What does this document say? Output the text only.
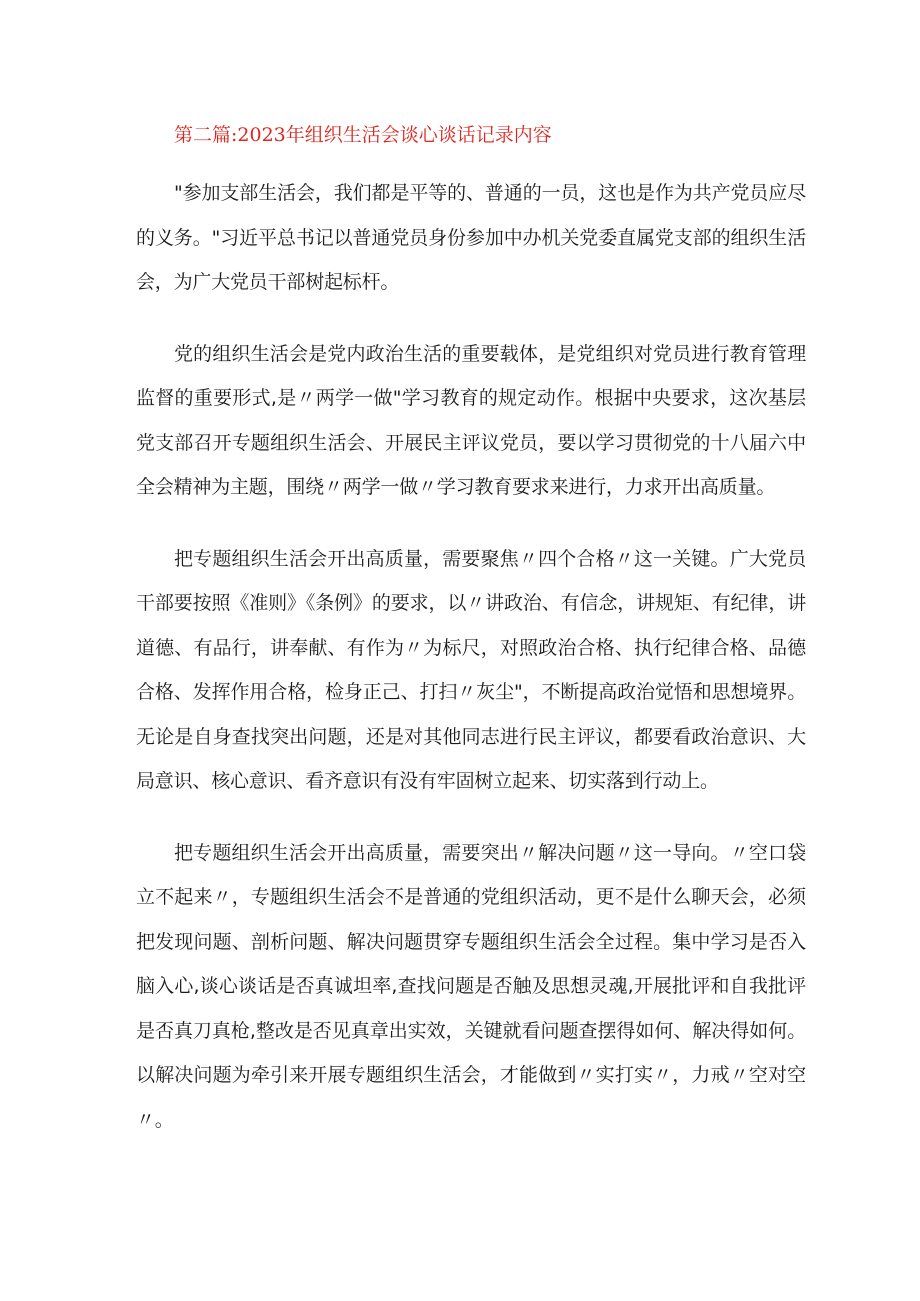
第二篇:2023年组织生活会谈心谈话记录内容

"参加支部生活会，我们都是平等的、普通的一员，这也是作为共产党员应尽的义务。"习近平总书记以普通党员身份参加中办机关党委直属党支部的组织生活会，为广大党员干部树起标杆。

党的组织生活会是党内政治生活的重要载体，是党组织对党员进行教育管理监督的重要形式,是〃两学一做"学习教育的规定动作。根据中央要求，这次基层党支部召开专题组织生活会、开展民主评议党员，要以学习贯彻党的十八届六中全会精神为主题，围绕〃两学一做〃学习教育要求来进行，力求开出高质量。

把专题组织生活会开出高质量，需要聚焦〃四个合格〃这一关键。广大党员干部要按照《准则》《条例》的要求，以〃讲政治、有信念，讲规矩、有纪律，讲道德、有品行，讲奉献、有作为〃为标尺，对照政治合格、执行纪律合格、品德合格、发挥作用合格，检身正己、打扫〃灰尘"，不断提高政治觉悟和思想境界。无论是自身查找突出问题，还是对其他同志进行民主评议，都要看政治意识、大局意识、核心意识、看齐意识有没有牢固树立起来、切实落到行动上。

把专题组织生活会开出高质量，需要突出〃解决问题〃这一导向。〃空口袋立不起来〃，专题组织生活会不是普通的党组织活动，更不是什么聊天会，必须把发现问题、剖析问题、解决问题贯穿专题组织生活会全过程。集中学习是否入脑入心,谈心谈话是否真诚坦率,查找问题是否触及思想灵魂,开展批评和自我批评是否真刀真枪,整改是否见真章出实效，关键就看问题查摆得如何、解决得如何。以解决问题为牵引来开展专题组织生活会，才能做到〃实打实〃，力戒〃空对空〃。
